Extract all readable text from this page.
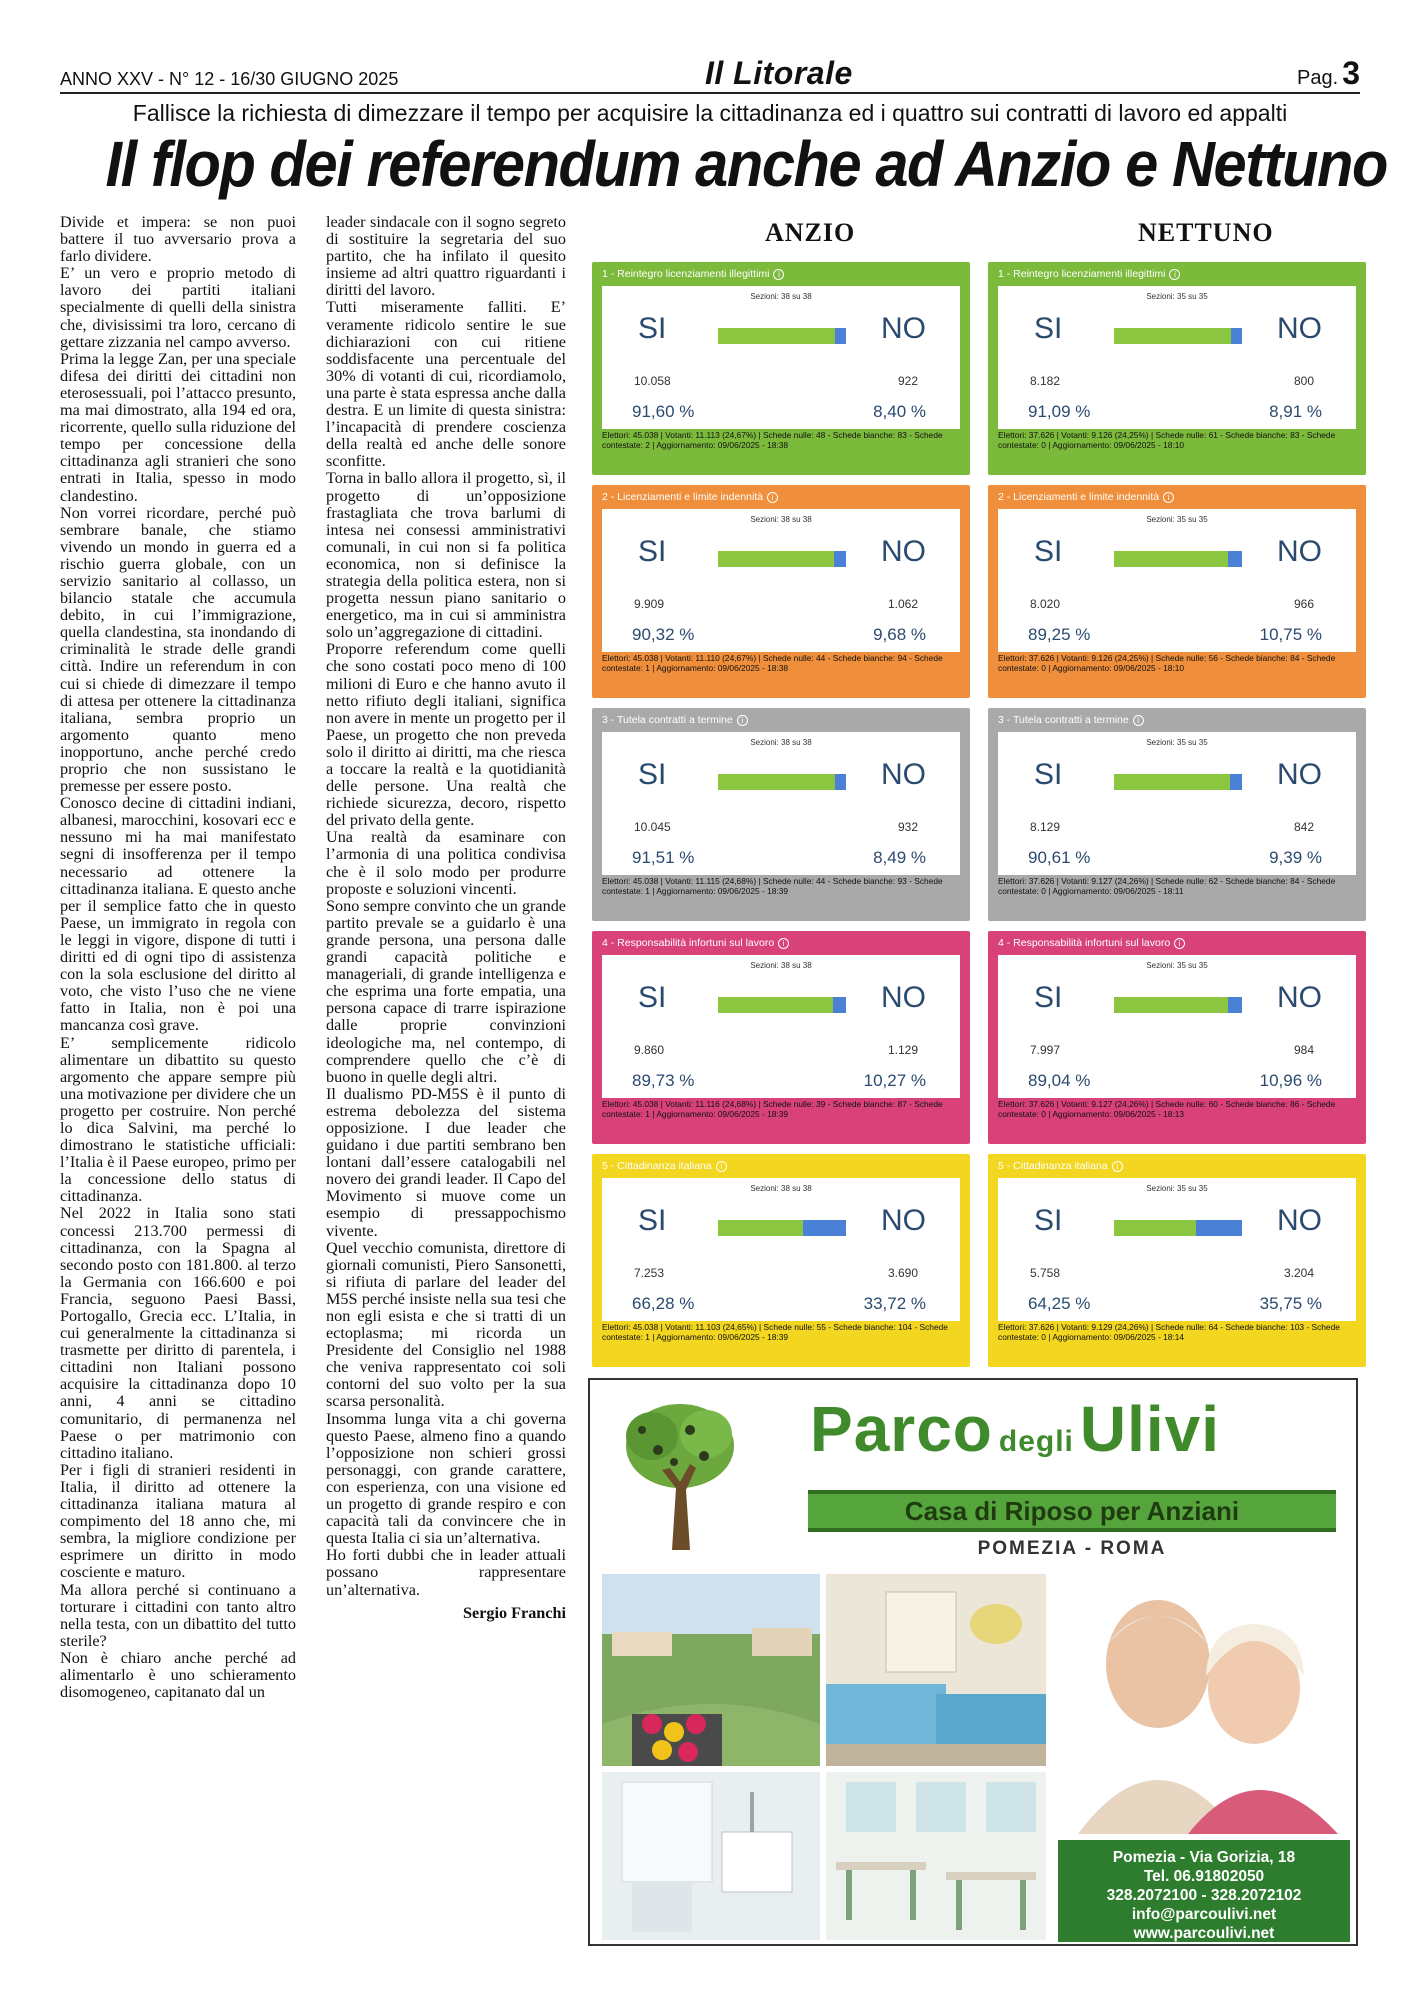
ANNO XXV - N° 12 - 16/30 GIUGNO 2025	Il Litorale	Pag. 3
Fallisce la richiesta di dimezzare il tempo per acquisire la cittadinanza ed i quattro sui contratti di lavoro ed appalti
Il flop dei referendum anche ad Anzio e Nettuno

Divide et impera: se non puoi battere il tuo avversario prova a farlo dividere.

E’ un vero e proprio metodo di lavoro dei partiti italiani specialmente di quelli della sinistra che, divisissimi tra loro, cercano di gettare zizzania nel campo avverso.

Prima la legge Zan, per una speciale difesa dei diritti dei cittadini non eterosessuali, poi l’attacco presunto, ma mai dimostrato, alla 194 ed ora, ricorrente, quello sulla riduzione del tempo per concessione della cittadinanza agli stranieri che sono entrati in Italia, spesso in modo clandestino.

Non vorrei ricordare, perché può sembrare banale, che stiamo vivendo un mondo in guerra ed a rischio guerra globale, con un servizio sanitario al collasso, un bilancio statale che accumula debito, in cui l’immigrazione, quella clandestina, sta inondando di criminalità le strade delle grandi città. Indire un referendum in con cui si chiede di dimezzare il tempo di attesa per ottenere la cittadinanza italiana, sembra proprio un argomento quanto meno inopportuno, anche perché credo proprio che non sussistano le premesse per essere posto.

Conosco decine di cittadini indiani, albanesi, marocchini, kosovari ecc e nessuno mi ha mai manifestato segni di insofferenza per il tempo necessario ad ottenere la cittadinanza italiana. E questo anche per il semplice fatto che in questo Paese, un immigrato in regola con le leggi in vigore, dispone di tutti i diritti ed di ogni tipo di assistenza con la sola esclusione del diritto al voto, che visto l’uso che ne viene fatto in Italia, non è poi una mancanza così grave.

E’ semplicemente ridicolo alimentare un dibattito su questo argomento che appare sempre più una motivazione per dividere che un progetto per costruire. Non perché lo dica Salvini, ma perché lo dimostrano le statistiche ufficiali: l’Italia è il Paese europeo, primo per la concessione dello status di cittadinanza.

Nel 2022 in Italia sono stati concessi 213.700 permessi di cittadinanza, con la Spagna al secondo posto con 181.800. al terzo la Germania con 166.600 e poi Francia, seguono Paesi Bassi, Portogallo, Grecia ecc. L’Italia, in cui generalmente la cittadinanza si trasmette per diritto di parentela, i cittadini non Italiani possono acquisire la cittadinanza dopo 10 anni, 4 anni se cittadino comunitario, di permanenza nel Paese o per matrimonio con cittadino italiano.

Per i figli di stranieri residenti in Italia, il diritto ad ottenere la cittadinanza italiana matura al compimento del 18 anno che, mi sembra, la migliore condizione per esprimere un diritto in modo cosciente e maturo.

Ma allora perché si continuano a torturare i cittadini con tanto altro nella testa, con un dibattito del tutto sterile?

Non è chiaro anche perché ad alimentarlo è uno schieramento disomogeneo, capitanato dal un

leader sindacale con il sogno segreto di sostituire la segretaria del suo partito, che ha infilato il quesito insieme ad altri quattro riguardanti i diritti del lavoro.

Tutti miseramente falliti. E’ veramente ridicolo sentire le sue dichiarazioni con cui ritiene soddisfacente una percentuale del 30% di votanti di cui, ricordiamolo, una parte è stata espressa anche dalla destra. E un limite di questa sinistra: l’incapacità di prendere coscienza della realtà ed anche delle sonore sconfitte.

Torna in ballo allora il progetto, sì, il progetto di un’opposizione frastagliata che trova barlumi di intesa nei consessi amministrativi comunali, in cui non si fa politica economica, non si definisce la strategia della politica estera, non si progetta nessun piano sanitario o energetico, ma in cui si amministra solo un’aggregazione di cittadini.

Proporre referendum come quelli che sono costati poco meno di 100 milioni di Euro e che hanno avuto il netto rifiuto degli italiani, significa non avere in mente un progetto per il Paese, un progetto che non preveda solo il diritto ai diritti, ma che riesca a toccare la realtà e la quotidianità delle persone. Una realtà che richiede sicurezza, decoro, rispetto del privato della gente.

Una realtà da esaminare con l’armonia di una politica condivisa che è il solo modo per produrre proposte e soluzioni vincenti.

Sono sempre convinto che un grande partito prevale se a guidarlo è una grande persona, una persona dalle grandi capacità politiche e manageriali, di grande intelligenza e che esprima una forte empatia, una persona capace di trarre ispirazione dalle proprie convinzioni ideologiche ma, nel contempo, di comprendere quello che c’è di buono in quelle degli altri.

Il dualismo PD-M5S è il punto di estrema debolezza del sistema opposizione. I due leader che guidano i due partiti sembrano ben lontani dall’essere catalogabili nel novero dei grandi leader. Il Capo del Movimento si muove come un esempio di pressappochismo vivente.

Quel vecchio comunista, direttore di giornali comunisti, Piero Sansonetti, si rifiuta di parlare del leader del M5S perché insiste nella sua tesi che non egli esista e che si tratti di un ectoplasma; mi ricorda un Presidente del Consiglio nel 1988 che veniva rappresentato coi soli contorni del suo volto per la sua scarsa personalità.

Insomma lunga vita a chi governa questo Paese, almeno fino a quando l’opposizione non schieri grossi personaggi, con grande carattere, con esperienza, con una visione ed un progetto di grande respiro e con capacità tali da convincere che in questa Italia ci sia un’alternativa.

Ho forti dubbi che in leader attuali possano rappresentare un’alternativa.

Sergio Franchi
ANZIO	NETTUNO
1 - Reintegro licenziamenti illegittimi i
Sezioni: 38 su 38
SI	NO
10.058	922
91,60 %	8,40 %
Elettori: 45.038 | Votanti: 11.113 (24,67%) | Schede nulle: 48 - Schede bianche: 83 - Schede contestate: 2 | Aggiornamento: 09/06/2025 - 18:38
1 - Reintegro licenziamenti illegittimi i
Sezioni: 35 su 35
SI	NO
8.182	800
91,09 %	8,91 %
Elettori: 37.626 | Votanti: 9.126 (24,25%) | Schede nulle: 61 - Schede bianche: 83 - Schede contestate: 0 | Aggiornamento: 09/06/2025 - 18:10
2 - Licenziamenti e limite indennità i
Sezioni: 38 su 38
SI	NO
9.909	1.062
90,32 %	9,68 %
Elettori: 45.038 | Votanti: 11.110 (24,67%) | Schede nulle: 44 - Schede bianche: 94 - Schede contestate: 1 | Aggiornamento: 09/06/2025 - 18:38
2 - Licenziamenti e limite indennità i
Sezioni: 35 su 35
SI	NO
8.020	966
89,25 %	10,75 %
Elettori: 37.626 | Votanti: 9.126 (24,25%) | Schede nulle: 56 - Schede bianche: 84 - Schede contestate: 0 | Aggiornamento: 09/06/2025 - 18:10
3 - Tutela contratti a termine i
Sezioni: 38 su 38
SI	NO
10.045	932
91,51 %	8,49 %
Elettori: 45.038 | Votanti: 11.115 (24,68%) | Schede nulle: 44 - Schede bianche: 93 - Schede contestate: 1 | Aggiornamento: 09/06/2025 - 18:39
3 - Tutela contratti a termine i
Sezioni: 35 su 35
SI	NO
8.129	842
90,61 %	9,39 %
Elettori: 37.626 | Votanti: 9.127 (24,26%) | Schede nulle: 62 - Schede bianche: 84 - Schede contestate: 0 | Aggiornamento: 09/06/2025 - 18:11
4 - Responsabilità infortuni sul lavoro i
Sezioni: 38 su 38
SI	NO
9.860	1.129
89,73 %	10,27 %
Elettori: 45.038 | Votanti: 11.116 (24,68%) | Schede nulle: 39 - Schede bianche: 87 - Schede contestate: 1 | Aggiornamento: 09/06/2025 - 18:39
4 - Responsabilità infortuni sul lavoro i
Sezioni: 35 su 35
SI	NO
7.997	984
89,04 %	10,96 %
Elettori: 37.626 | Votanti: 9.127 (24,26%) | Schede nulle: 60 - Schede bianche: 86 - Schede contestate: 0 | Aggiornamento: 09/06/2025 - 18:13
5 - Cittadinanza italiana i
Sezioni: 38 su 38
SI	NO
7.253	3.690
66,28 %	33,72 %
Elettori: 45.038 | Votanti: 11.103 (24,65%) | Schede nulle: 55 - Schede bianche: 104 - Schede contestate: 1 | Aggiornamento: 09/06/2025 - 18:39
5 - Cittadinanza italiana i
Sezioni: 35 su 35
SI	NO
5.758	3.204
64,25 %	35,75 %
Elettori: 37.626 | Votanti: 9.129 (24,26%) | Schede nulle: 64 - Schede bianche: 103 - Schede contestate: 0 | Aggiornamento: 09/06/2025 - 18:14
Parco degliUlivi
Casa di Riposo per Anziani
POMEZIA - ROMA
Pomezia - Via Gorizia, 18
Tel. 06.91802050
328.2072100 - 328.2072102
info@parcoulivi.net
www.parcoulivi.net
